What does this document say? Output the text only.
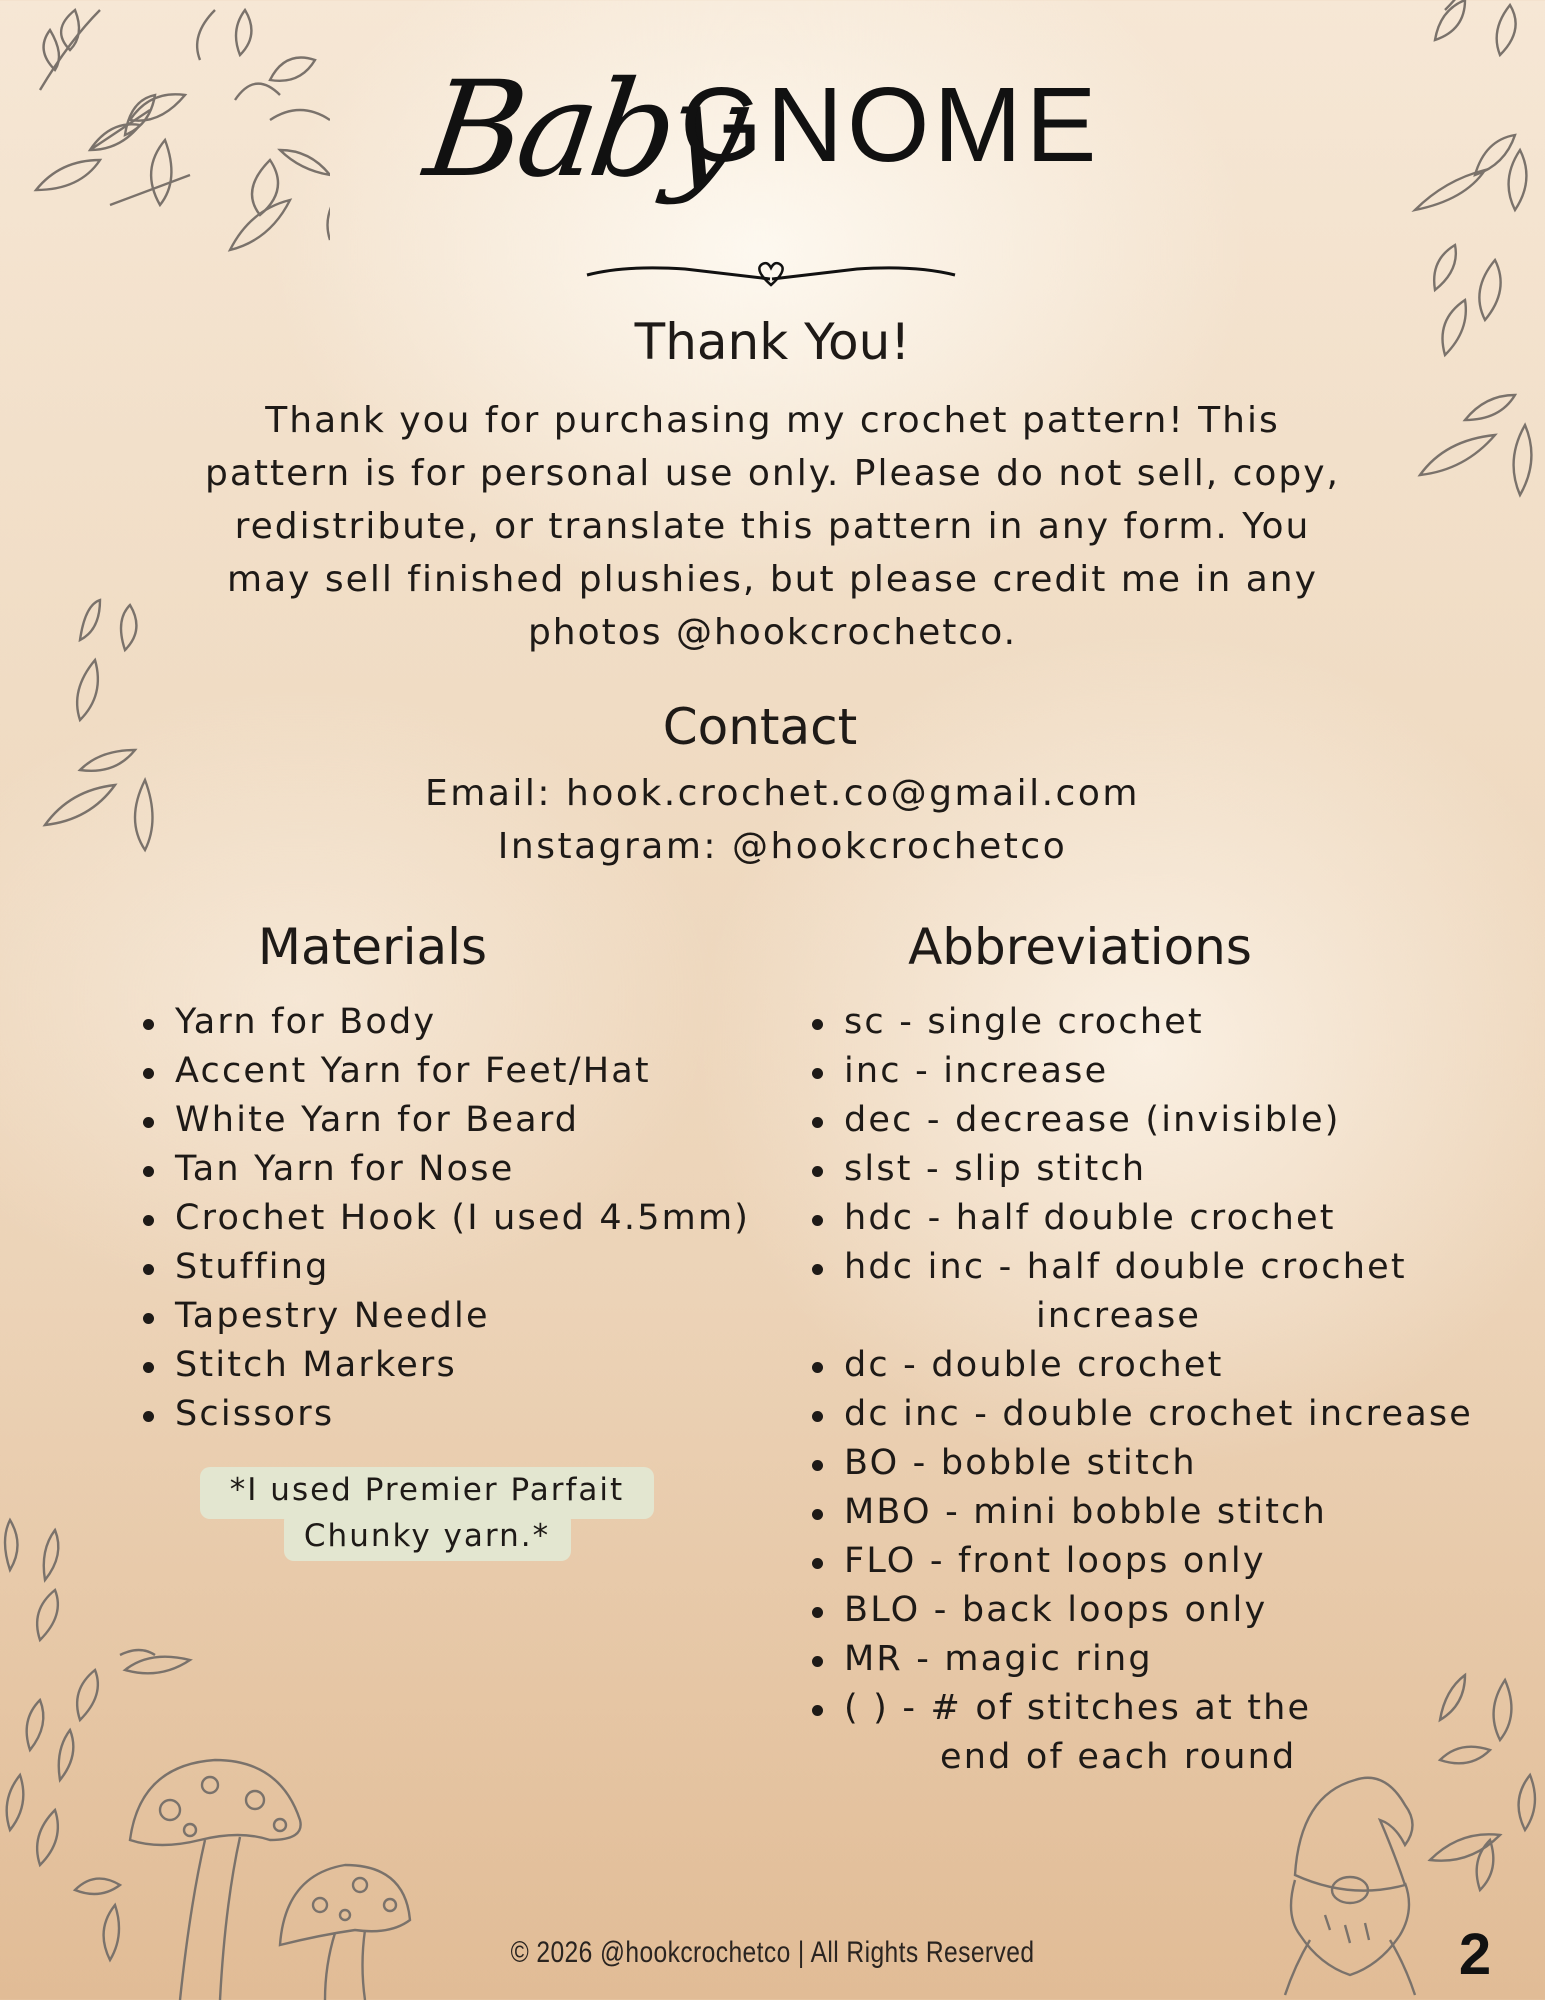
Baby
GNOME
Thank You!
Thank you for purchasing my crochet pattern! This
pattern is for personal use only. Please do not sell, copy,
redistribute, or translate this pattern in any form. You
may sell finished plushies, but please credit me in any
photos @hookcrochetco.
Contact
Email: hook.crochet.co@gmail.com
Instagram: @hookcrochetco
Materials
Yarn for Body
Accent Yarn for Feet/Hat
White Yarn for Beard
Tan Yarn for Nose
Crochet Hook (I used 4.5mm)
Stuffing
Tapestry Needle
Stitch Markers
Scissors
*I used Premier Parfait
Chunky yarn.*
Abbreviations
sc - single crochet
inc - increase
dec - decrease (invisible)
slst - slip stitch
hdc - half double crochet
hdc inc - half double crochet
increase
dc - double crochet
dc inc - double crochet increase
BO - bobble stitch
MBO - mini bobble stitch
FLO - front loops only
BLO - back loops only
MR - magic ring
( ) - # of stitches at the
end of each round
© 2026 @hookcrochetco | All Rights Reserved	2
